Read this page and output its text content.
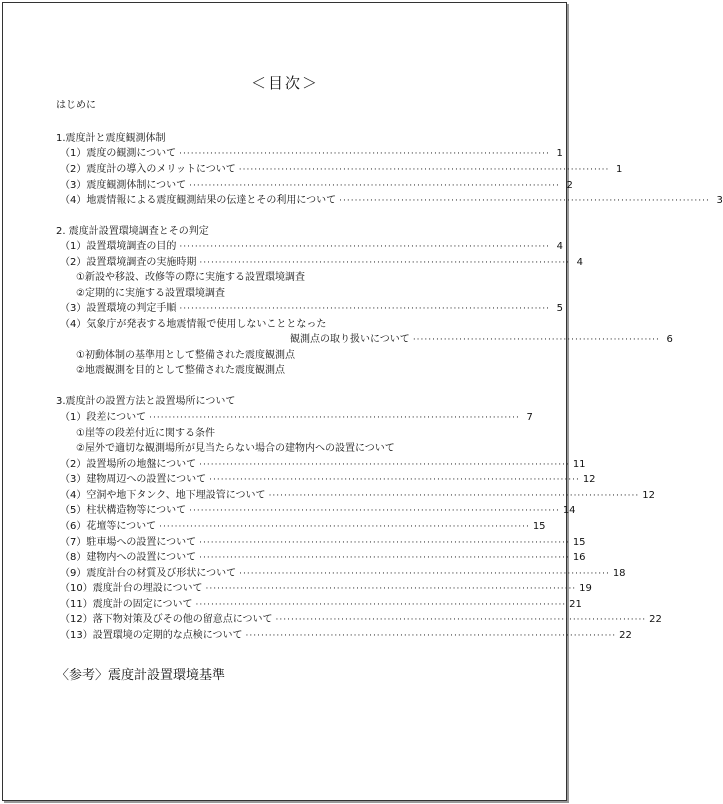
＜目次＞
はじめに
1.震度計と震度観測体制
（1）震度の観測について ································································································ 1
（2）震度計の導入のメリットについて ································································································ 1
（3）震度観測体制について ································································································ 2
（4）地震情報による震度観測結果の伝達とその利用について ································································································ 3
2. 震度計設置環境調査とその判定
（1）設置環境調査の目的 ································································································ 4
（2）設置環境調査の実施時期 ································································································ 4
①新設や移設、改修等の際に実施する設置環境調査
②定期的に実施する設置環境調査
（3）設置環境の判定手順 ································································································ 5
（4）気象庁が発表する地震情報で使用しないこととなった
観測点の取り扱いについて ································································ 6
①初動体制の基準用として整備された震度観測点
②地震観測を目的として整備された震度観測点
3.震度計の設置方法と設置場所について
（1）段差について ································································································ 7
①崖等の段差付近に関する条件
②屋外で適切な観測場所が見当たらない場合の建物内への設置について
（2）設置場所の地盤について ································································································ 11
（3）建物周辺への設置について ································································································ 12
（4）空洞や地下タンク、地下埋設管について ································································································ 12
（5）柱状構造物等について ································································································ 14
（6）花壇等について ································································································ 15
（7）駐車場への設置について ································································································ 15
（8）建物内への設置について ································································································ 16
（9）震度計台の材質及び形状について ································································································ 18
（10）震度計台の埋設について ································································································ 19
（11）震度計の固定について ································································································ 21
（12）落下物対策及びその他の留意点について ································································································ 22
（13）設置環境の定期的な点検について ································································································ 22
〈参考〉震度計設置環境基準
